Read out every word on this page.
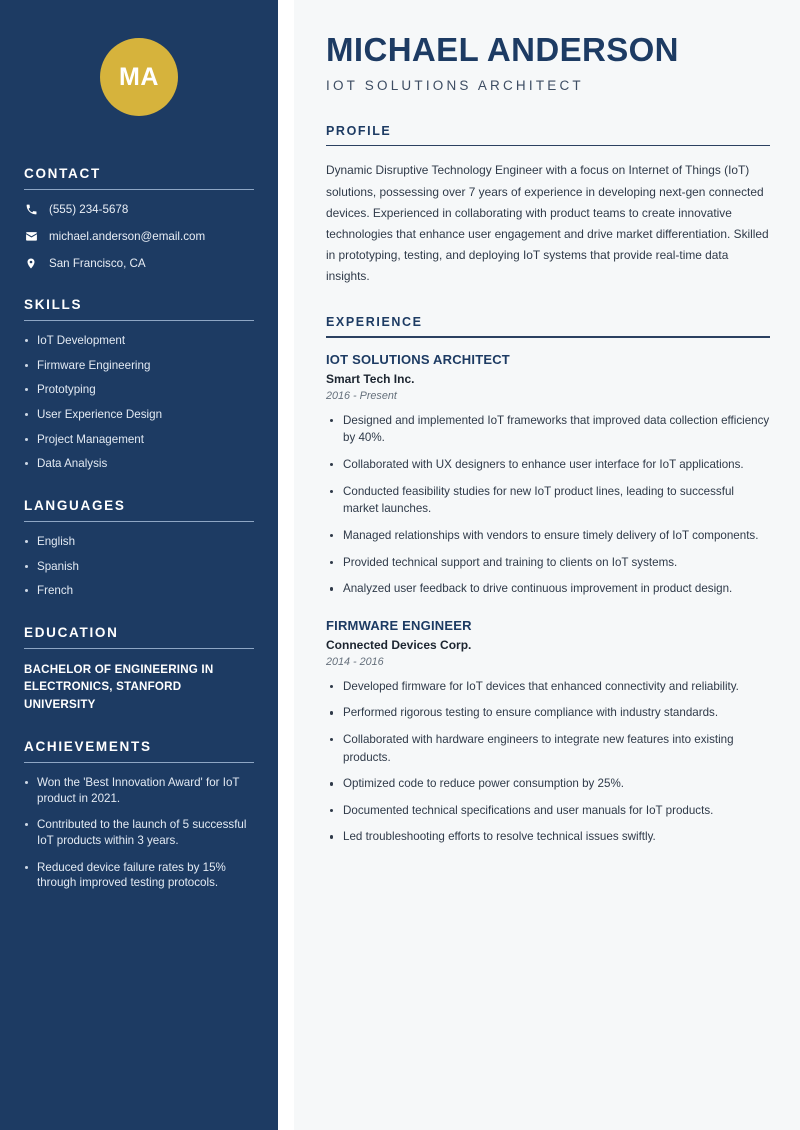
MA
CONTACT
(555) 234-5678
michael.anderson@email.com
San Francisco, CA
SKILLS
IoT Development
Firmware Engineering
Prototyping
User Experience Design
Project Management
Data Analysis
LANGUAGES
English
Spanish
French
EDUCATION
BACHELOR OF ENGINEERING IN ELECTRONICS, STANFORD UNIVERSITY
ACHIEVEMENTS
Won the 'Best Innovation Award' for IoT product in 2021.
Contributed to the launch of 5 successful IoT products within 3 years.
Reduced device failure rates by 15% through improved testing protocols.
MICHAEL ANDERSON
IOT SOLUTIONS ARCHITECT
PROFILE

Dynamic Disruptive Technology Engineer with a focus on Internet of Things (IoT) solutions, possessing over 7 years of experience in developing next-gen connected devices. Experienced in collaborating with product teams to create innovative technologies that enhance user engagement and drive market differentiation. Skilled in prototyping, testing, and deploying IoT systems that provide real-time data insights.

EXPERIENCE
IOT SOLUTIONS ARCHITECT
Smart Tech Inc.
2016 - Present
Designed and implemented IoT frameworks that improved data collection efficiency by 40%.
Collaborated with UX designers to enhance user interface for IoT applications.
Conducted feasibility studies for new IoT product lines, leading to successful market launches.
Managed relationships with vendors to ensure timely delivery of IoT components.
Provided technical support and training to clients on IoT systems.
Analyzed user feedback to drive continuous improvement in product design.
FIRMWARE ENGINEER
Connected Devices Corp.
2014 - 2016
Developed firmware for IoT devices that enhanced connectivity and reliability.
Performed rigorous testing to ensure compliance with industry standards.
Collaborated with hardware engineers to integrate new features into existing products.
Optimized code to reduce power consumption by 25%.
Documented technical specifications and user manuals for IoT products.
Led troubleshooting efforts to resolve technical issues swiftly.
